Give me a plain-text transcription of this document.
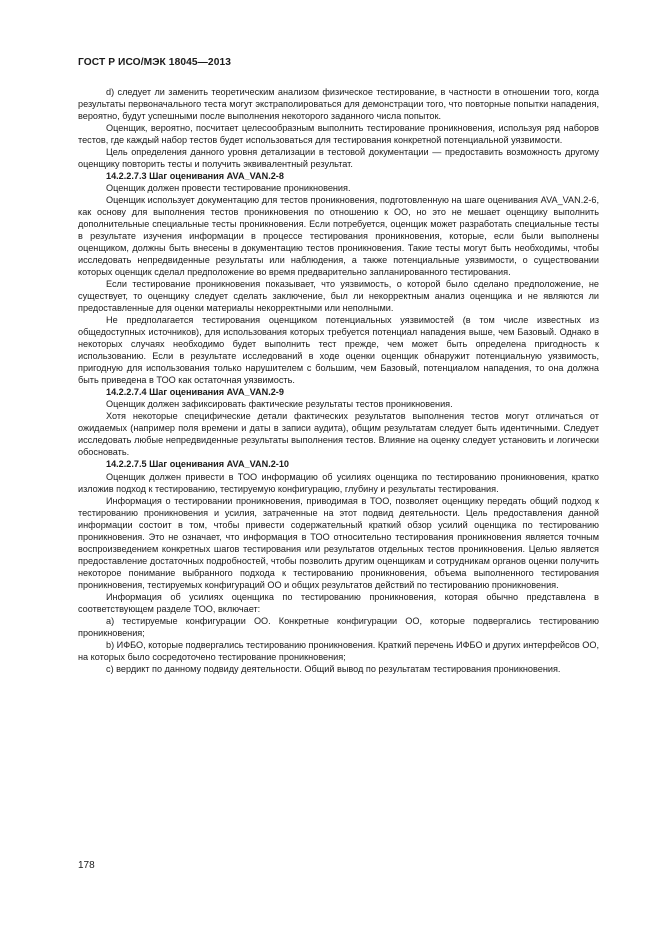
ГОСТ Р ИСО/МЭК 18045—2013

d) следует ли заменить теоретическим анализом физическое тестирование, в частности в отношении того, когда результаты первоначального теста могут экстраполироваться для демонстрации того, что повторные попытки нападения, вероятно, будут успешными после выполнения некоторого заданного числа попыток.

Оценщик, вероятно, посчитает целесообразным выполнить тестирование проникновения, используя ряд наборов тестов, где каждый набор тестов будет использоваться для тестирования конкретной потенциальной уязвимости.

Цель определения данного уровня детализации в тестовой документации — предоставить возможность другому оценщику повторить тесты и получить эквивалентный результат.

14.2.2.7.3 Шаг оценивания AVA_VAN.2-8

Оценщик должен провести тестирование проникновения.

Оценщик использует документацию для тестов проникновения, подготовленную на шаге оценивания AVA_VAN.2-6, как основу для выполнения тестов проникновения по отношению к ОО, но это не мешает оценщику выполнить дополнительные специальные тесты проникновения. Если потребуется, оценщик может разработать специальные тесты в результате изучения информации в процессе тестирования проникновения, которые, если были выполнены оценщиком, должны быть внесены в документацию тестов проникновения. Такие тесты могут быть необходимы, чтобы исследовать непредвиденные результаты или наблюдения, а также потенциальные уязвимости, о существовании которых оценщик сделал предположение во время предварительно запланированного тестирования.

Если тестирование проникновения показывает, что уязвимость, о которой было сделано предположение, не существует, то оценщику следует сделать заключение, был ли некорректным анализ оценщика и не являются ли предоставленные для оценки материалы некорректными или неполными.

Не предполагается тестирования оценщиком потенциальных уязвимостей (в том числе известных из общедоступных источников), для использования которых требуется потенциал нападения выше, чем Базовый. Однако в некоторых случаях необходимо будет выполнить тест прежде, чем может быть определена пригодность к использованию. Если в результате исследований в ходе оценки оценщик обнаружит потенциальную уязвимость, пригодную для использования только нарушителем с большим, чем Базовый, потенциалом нападения, то она должна быть приведена в ТОО как остаточная уязвимость.

14.2.2.7.4 Шаг оценивания AVA_VAN.2-9

Оценщик должен зафиксировать фактические результаты тестов проникновения.

Хотя некоторые специфические детали фактических результатов выполнения тестов могут отличаться от ожидаемых (например поля времени и даты в записи аудита), общим результатам следует быть идентичными. Следует исследовать любые непредвиденные результаты выполнения тестов. Влияние на оценку следует установить и логически обосновать.

14.2.2.7.5 Шаг оценивания AVA_VAN.2-10

Оценщик должен привести в ТОО информацию об усилиях оценщика по тестированию проникновения, кратко изложив подход к тестированию, тестируемую конфигурацию, глубину и результаты тестирования.

Информация о тестировании проникновения, приводимая в ТОО, позволяет оценщику передать общий подход к тестированию проникновения и усилия, затраченные на этот подвид деятельности. Цель предоставления данной информации состоит в том, чтобы привести содержательный краткий обзор усилий оценщика по тестированию проникновения. Это не означает, что информация в ТОО относительно тестирования проникновения является точным воспроизведением конкретных шагов тестирования или результатов отдельных тестов проникновения. Целью является предоставление достаточных подробностей, чтобы позволить другим оценщикам и сотрудникам органов оценки получить некоторое понимание выбранного подхода к тестированию проникновения, объема выполненного тестирования проникновения, тестируемых конфигураций ОО и общих результатов действий по тестированию проникновения.

Информация об усилиях оценщика по тестированию проникновения, которая обычно представлена в соответствующем разделе ТОО, включает:

а) тестируемые конфигурации ОО. Конкретные конфигурации ОО, которые подвергались тестированию проникновения;

b) ИФБО, которые подвергались тестированию проникновения. Краткий перечень ИФБО и других интерфейсов ОО, на которых было сосредоточено тестирование проникновения;

с) вердикт по данному подвиду деятельности. Общий вывод по результатам тестирования проникновения.

178
